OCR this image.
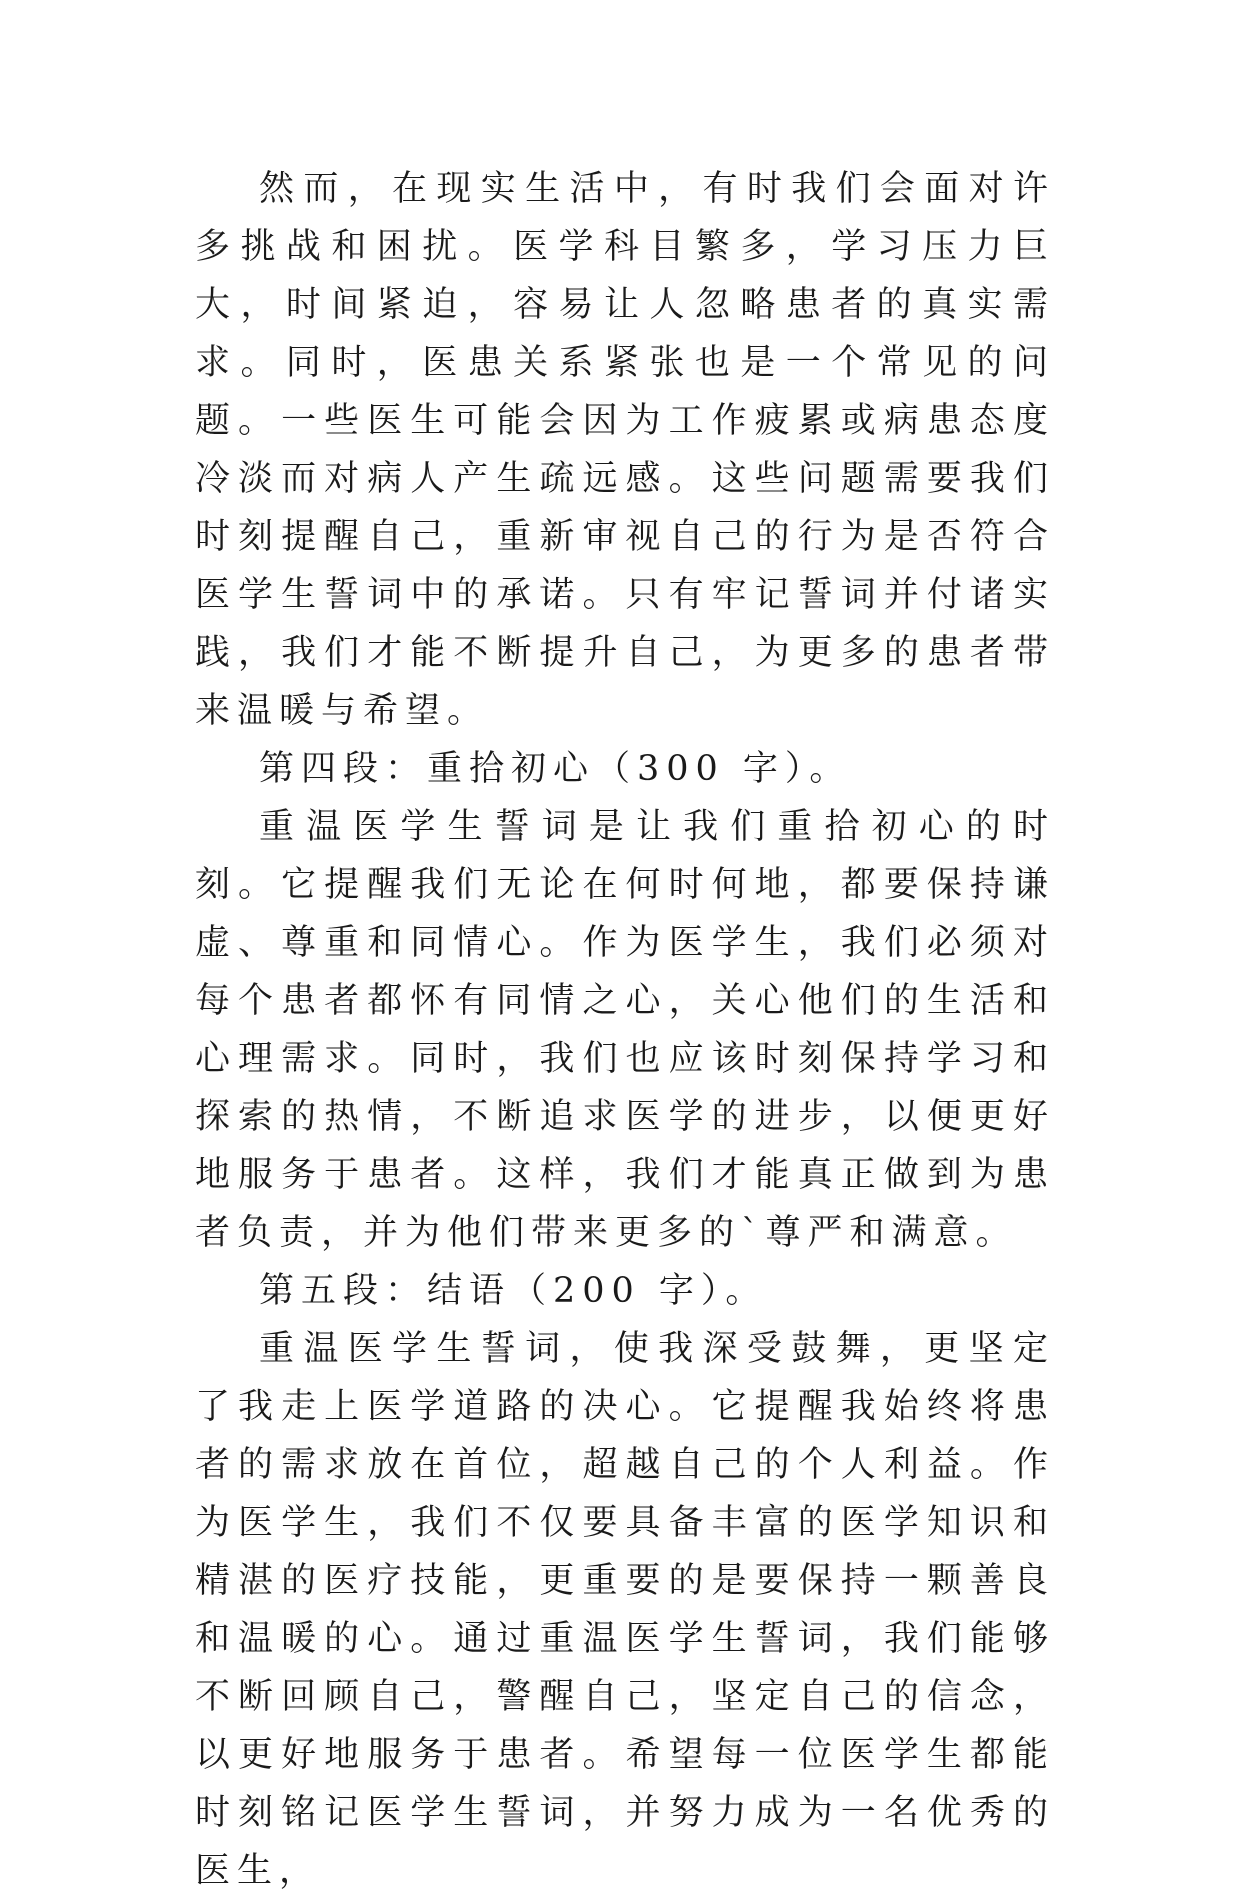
然而，在现实生活中，有时我们会面对许多挑战和困扰。医学科目繁多，学习压力巨大，时间紧迫，容易让人忽略患者的真实需求。同时，医患关系紧张也是一个常见的问题。一些医生可能会因为工作疲累或病患态度冷淡而对病人产生疏远感。这些问题需要我们时刻提醒自己，重新审视自己的行为是否符合医学生誓词中的承诺。只有牢记誓词并付诸实践，我们才能不断提升自己，为更多的患者带来温暖与希望。

第四段：重拾初心（300 字）。

重温医学生誓词是让我们重拾初心的时刻。它提醒我们无论在何时何地，都要保持谦虚、尊重和同情心。作为医学生，我们必须对每个患者都怀有同情之心，关心他们的生活和心理需求。同时，我们也应该时刻保持学习和探索的热情，不断追求医学的进步，以便更好地服务于患者。这样，我们才能真正做到为患者负责，并为他们带来更多的`尊严和满意。

第五段：结语（200 字）。

重温医学生誓词，使我深受鼓舞，更坚定了我走上医学道路的决心。它提醒我始终将患者的需求放在首位，超越自己的个人利益。作为医学生，我们不仅要具备丰富的医学知识和精湛的医疗技能，更重要的是要保持一颗善良和温暖的心。通过重温医学生誓词，我们能够不断回顾自己，警醒自己，坚定自己的信念，以更好地服务于患者。希望每一位医学生都能时刻铭记医学生誓词，并努力成为一名优秀的医生，
